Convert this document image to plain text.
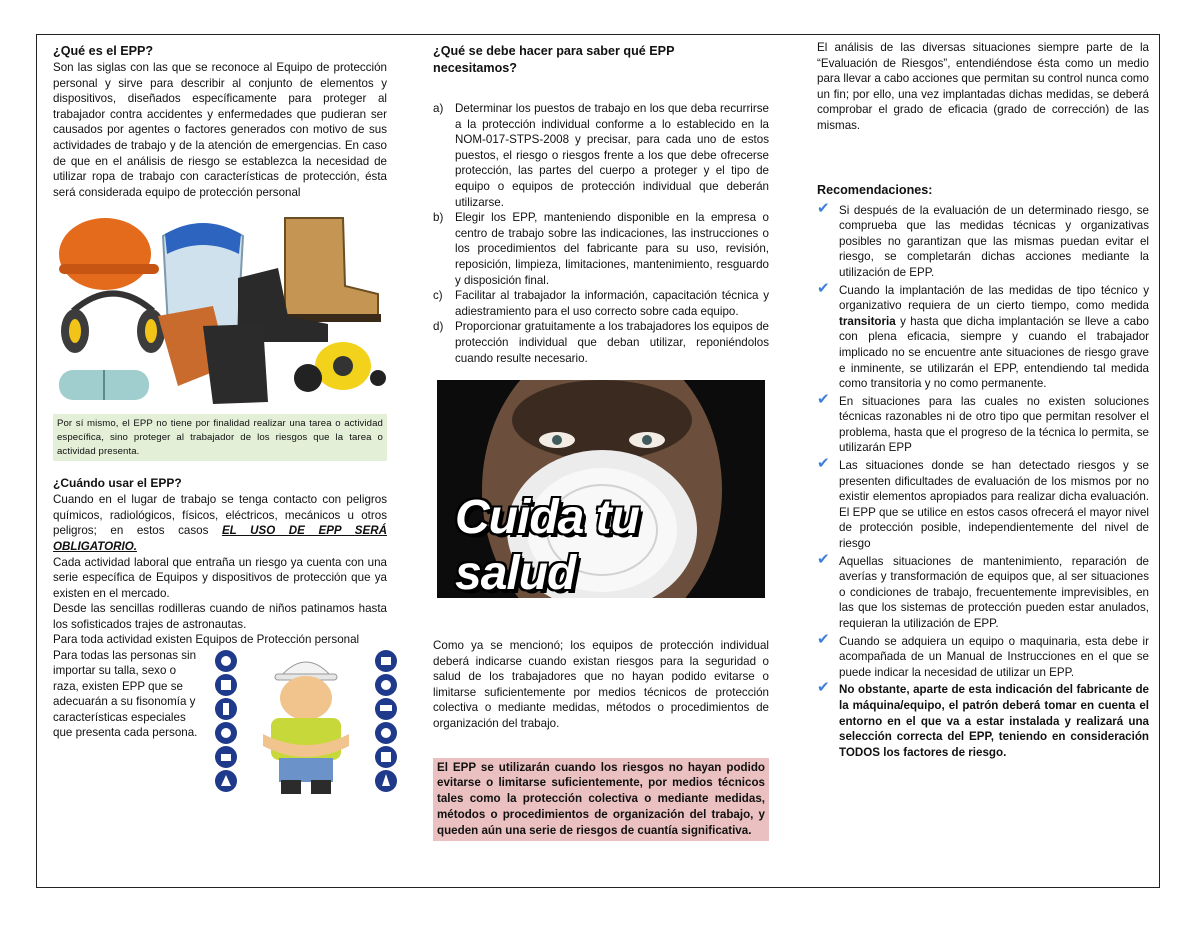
¿Qué es el EPP?

Son las siglas con las que se reconoce al Equipo de protección personal y sirve para describir al conjunto de elementos y dispositivos, diseñados específicamente para proteger al trabajador contra accidentes y enfermedades que pudieran ser causados por agentes o factores generados con motivo de sus actividades de trabajo y de la atención de emergencias. En caso de que en el análisis de riesgo se establezca la necesidad de utilizar ropa de trabajo con características de protección, ésta será considerada equipo de protección personal

Por sí mismo, el EPP no tiene por finalidad realizar una tarea o actividad específica, sino proteger al trabajador de los riesgos que la tarea o actividad presenta.
¿Cuándo usar el EPP?

Cuando en el lugar de trabajo se tenga contacto con peligros químicos, radiológicos, físicos, eléctricos, mecánicos u otros peligros; en estos casos EL USO DE EPP SERÁ OBLIGATORIO.

Cada actividad laboral que entraña un riesgo ya cuenta con una serie específica de Equipos y dispositivos de protección que ya existen en el mercado.

Desde las sencillas rodilleras cuando de niños patinamos hasta los sofisticados trajes de astronautas.

Para toda actividad existen Equipos de Protección personal

Para todas las personas sin importar su talla, sexo o raza, existen EPP que se adecuarán a su fisonomía y características especiales que presenta cada persona.

¿Qué se debe hacer para saber qué EPP necesitamos?
a) Determinar los puestos de trabajo en los que deba recurrirse a la protección individual conforme a lo establecido en la NOM-017-STPS-2008 y precisar, para cada uno de estos puestos, el riesgo o riesgos frente a los que debe ofrecerse protección, las partes del cuerpo a proteger y el tipo de equipo o equipos de protección individual que deberán utilizarse.
b) Elegir los EPP, manteniendo disponible en la empresa o centro de trabajo sobre las indicaciones, las instrucciones o los procedimientos del fabricante para su uso, revisión, reposición, limpieza, limitaciones, mantenimiento, resguardo y disposición final.
c) Facilitar al trabajador la información, capacitación técnica y adiestramiento para el uso correcto sobre cada equipo.
d) Proporcionar gratuitamente a los trabajadores los equipos de protección individual que deban utilizar, reponiéndolos cuando resulte necesario.
Cuida tu salud

Como ya se mencionó; los equipos de protección individual deberá indicarse cuando existan riesgos para la seguridad o salud de los trabajadores que no hayan podido evitarse o limitarse suficientemente por medios técnicos de protección colectiva o mediante medidas, métodos o procedimientos de organización del trabajo.

El EPP se utilizarán cuando los riesgos no hayan podido evitarse o limitarse suficientemente, por medios técnicos tales como la protección colectiva o mediante medidas, métodos o procedimientos de organización del trabajo, y queden aún una serie de riesgos de cuantía significativa.

El análisis de las diversas situaciones siempre parte de la “Evaluación de Riesgos”, entendiéndose ésta como un medio para llevar a cabo acciones que permitan su control nunca como un fin; por ello, una vez implantadas dichas medidas, se deberá comprobar el grado de eficacia (grado de corrección) de las mismas.

Recomendaciones:
✔ Si después de la evaluación de un determinado riesgo, se comprueba que las medidas técnicas y organizativas posibles no garantizan que las mismas puedan evitar el riesgo, se completarán dichas acciones mediante la utilización de EPP.
✔ Cuando la implantación de las medidas de tipo técnico y organizativo requiera de un cierto tiempo, como medida transitoria y hasta que dicha implantación se lleve a cabo con plena eficacia, siempre y cuando el trabajador implicado no se encuentre ante situaciones de riesgo grave e inminente, se utilizarán el EPP, entendiendo tal medida como transitoria y no como permanente.
✔ En situaciones para las cuales no existen soluciones técnicas razonables ni de otro tipo que permitan resolver el problema, hasta que el progreso de la técnica lo permita, se utilizarán EPP
✔ Las situaciones donde se han detectado riesgos y se presenten dificultades de evaluación de los mismos por no existir elementos apropiados para realizar dicha evaluación. El EPP que se utilice en estos casos ofrecerá el mayor nivel de protección posible, independientemente del nivel de riesgo
✔ Aquellas situaciones de mantenimiento, reparación de averías y transformación de equipos que, al ser situaciones o condiciones de trabajo, frecuentemente imprevisibles, en las que los sistemas de protección pueden estar anulados, requieran la utilización de EPP.
✔ Cuando se adquiera un equipo o maquinaria, esta debe ir acompañada de un Manual de Instrucciones en el que se puede indicar la necesidad de utilizar un EPP.
✔ No obstante, aparte de esta indicación del fabricante de la máquina/equipo, el patrón deberá tomar en cuenta el entorno en el que va a estar instalada y realizará una selección correcta del EPP, teniendo en consideración TODOS los factores de riesgo.
